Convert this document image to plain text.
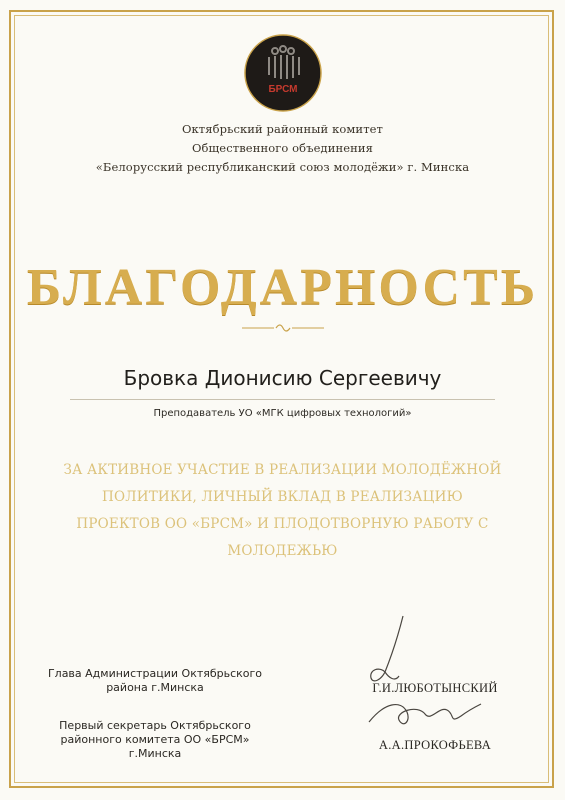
БРСМ
Октябрьский районный комитет
Общественного объединения
«Белорусский республиканский союз молодёжи» г. Минска
БЛАГОДАРНОСТЬ
Бровка Дионисию Сергеевичу
Преподаватель УО «МГК цифровых технологий»
ЗА АКТИВНОЕ УЧАСТИЕ В РЕАЛИЗАЦИИ МОЛОДЁЖНОЙ ПОЛИТИКИ, ЛИЧНЫЙ ВКЛАД В РЕАЛИЗАЦИЮ ПРОЕКТОВ ОО «БРСМ» И ПЛОДОТВОРНУЮ РАБОТУ С МОЛОДЕЖЬЮ
Глава Администрации Октябрьского района г.Минска	Г.И.ЛЮБОТЫНСКИЙ
Первый секретарь Октябрьского районного комитета ОО «БРСМ» г.Минска
А.А.ПРОКОФЬЕВА
